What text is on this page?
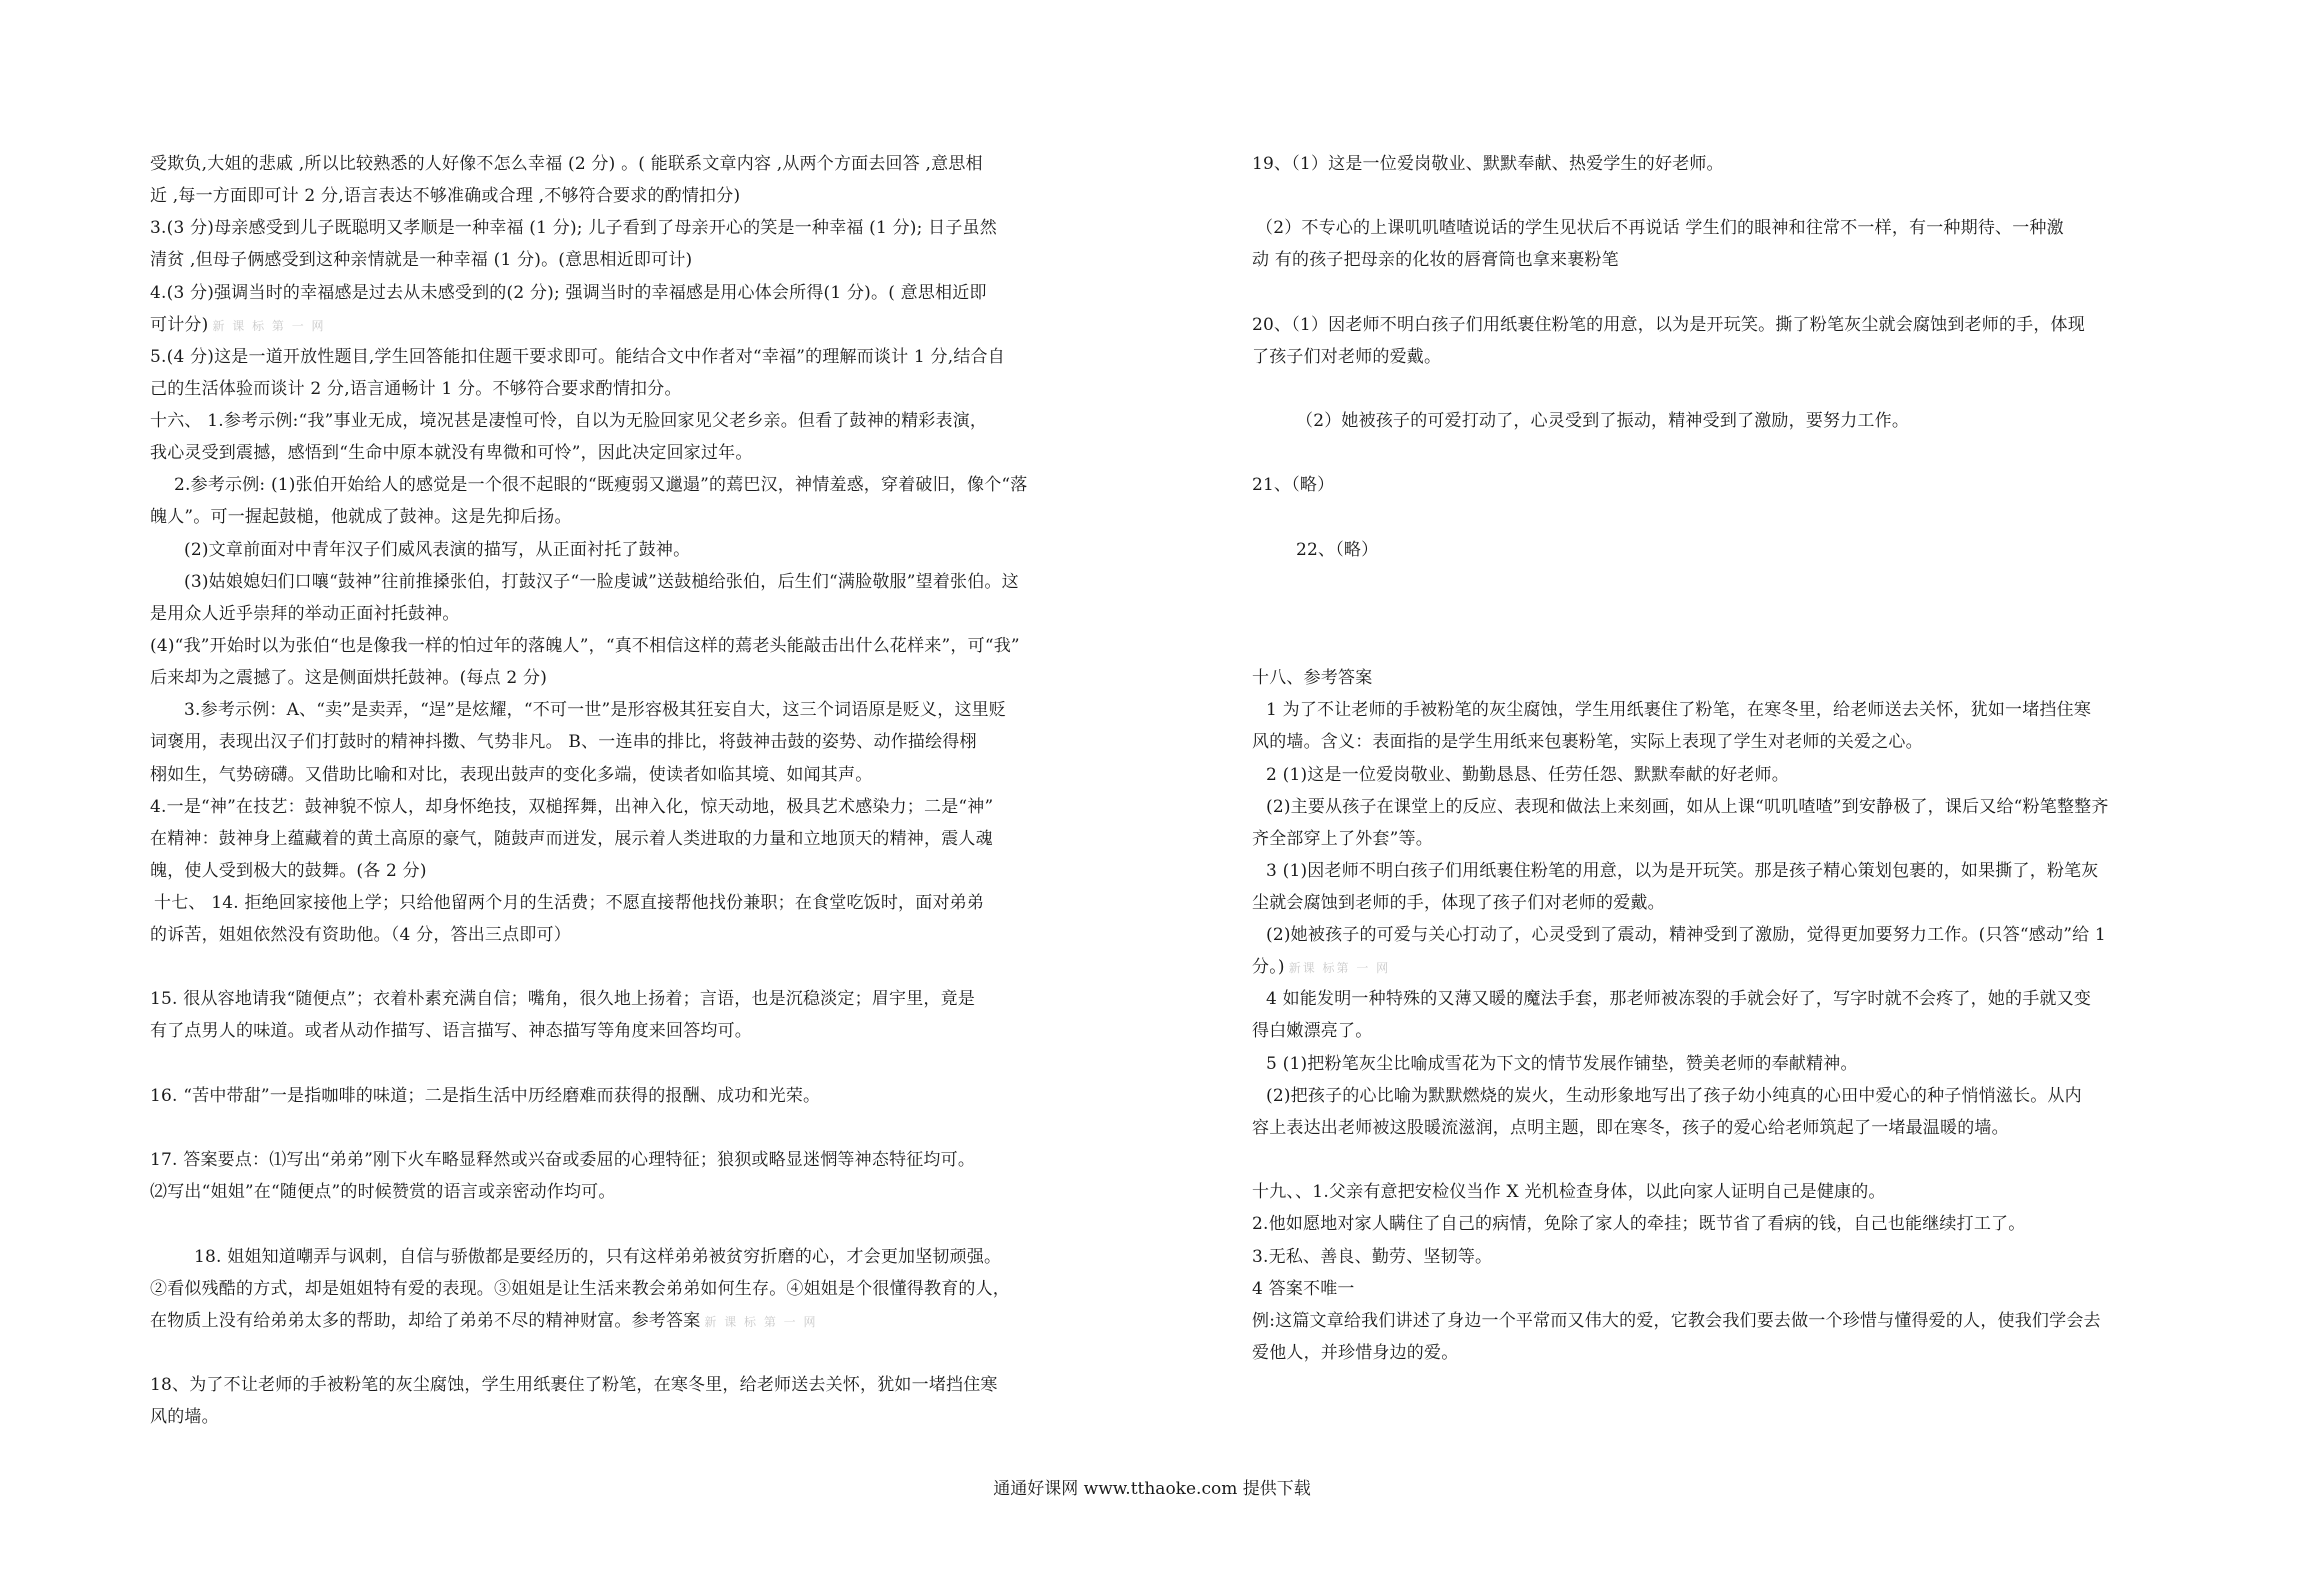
受欺负,大姐的悲戚 ,所以比较熟悉的人好像不怎么幸福 (2 分) 。( 能联系文章内容 ,从两个方面去回答 ,意思相
近 ,每一方面即可计 2 分,语言表达不够准确或合理 ,不够符合要求的酌情扣分)
3.(3 分)母亲感受到儿子既聪明又孝顺是一种幸福 (1 分); 儿子看到了母亲开心的笑是一种幸福 (1 分); 日子虽然
清贫 ,但母子俩感受到这种亲情就是一种幸福 (1 分)。(意思相近即可计)
4.(3 分)强调当时的幸福感是过去从未感受到的(2 分); 强调当时的幸福感是用心体会所得(1 分)。( 意思相近即
可计分) 新 课 标 第 一 网
5.(4 分)这是一道开放性题目,学生回答能扣住题干要求即可。能结合文中作者对“幸福”的理解而谈计 1 分,结合自
己的生活体验而谈计 2 分,语言通畅计 1 分。不够符合要求酌情扣分。
十六、 1.参考示例:“我”事业无成，境况甚是凄惶可怜，自以为无脸回家见父老乡亲。但看了鼓神的精彩表演，
我心灵受到震撼，感悟到“生命中原本就没有卑微和可怜”，因此决定回家过年。
2.参考示例: (1)张伯开始给人的感觉是一个很不起眼的“既瘦弱又邋遢”的蔫巴汉，神情羞惑，穿着破旧，像个“落
魄人”。可一握起鼓槌，他就成了鼓神。这是先抑后扬。
(2)文章前面对中青年汉子们威风表演的描写，从正面衬托了鼓神。
(3)姑娘媳妇们口嚷“鼓神”往前推搡张伯，打鼓汉子“一脸虔诚”送鼓槌给张伯，后生们“满脸敬服”望着张伯。这
是用众人近乎崇拜的举动正面衬托鼓神。
(4)“我”开始时以为张伯“也是像我一样的怕过年的落魄人”，“真不相信这样的蔫老头能敲击出什么花样来”，可“我”
后来却为之震撼了。这是侧面烘托鼓神。(每点 2 分)
3.参考示例：A、“卖”是卖弄，“逞”是炫耀，“不可一世”是形容极其狂妄自大，这三个词语原是贬义，这里贬
词褒用，表现出汉子们打鼓时的精神抖擞、气势非凡。 B、一连串的排比，将鼓神击鼓的姿势、动作描绘得栩
栩如生，气势磅礴。又借助比喻和对比，表现出鼓声的变化多端，使读者如临其境、如闻其声。
4.一是“神”在技艺：鼓神貌不惊人，却身怀绝技，双槌挥舞，出神入化，惊天动地，极具艺术感染力；二是“神”
在精神：鼓神身上蕴藏着的黄土高原的豪气，随鼓声而迸发，展示着人类进取的力量和立地顶天的精神，震人魂
魄，使人受到极大的鼓舞。(各 2 分)
十七、 14. 拒绝回家接他上学；只给他留两个月的生活费；不愿直接帮他找份兼职；在食堂吃饭时，面对弟弟
的诉苦，姐姐依然没有资助他。（4 分，答出三点即可）
15. 很从容地请我“随便点”；衣着朴素充满自信；嘴角，很久地上扬着；言语，也是沉稳淡定；眉宇里，竟是
有了点男人的味道。或者从动作描写、语言描写、神态描写等角度来回答均可。
16. “苦中带甜”一是指咖啡的味道；二是指生活中历经磨难而获得的报酬、成功和光荣。
17. 答案要点：⑴写出“弟弟”刚下火车略显释然或兴奋或委屈的心理特征；狼狈或略显迷惘等神态特征均可。
⑵写出“姐姐”在“随便点”的时候赞赏的语言或亲密动作均可。
18. 姐姐知道嘲弄与讽刺，自信与骄傲都是要经历的，只有这样弟弟被贫穷折磨的心，才会更加坚韧顽强。
②看似残酷的方式，却是姐姐特有爱的表现。③姐姐是让生活来教会弟弟如何生存。④姐姐是个很懂得教育的人，
在物质上没有给弟弟太多的帮助，却给了弟弟不尽的精神财富。参考答案 新 课 标 第 一 网
18、为了不让老师的手被粉笔的灰尘腐蚀，学生用纸裹住了粉笔，在寒冬里，给老师送去关怀，犹如一堵挡住寒
风的墙。
19、（1）这是一位爱岗敬业、默默奉献、热爱学生的好老师。
（2）不专心的上课叽叽喳喳说话的学生见状后不再说话 学生们的眼神和往常不一样，有一种期待、一种激
动 有的孩子把母亲的化妆的唇膏筒也拿来裹粉笔
20、（1）因老师不明白孩子们用纸裹住粉笔的用意，以为是开玩笑。撕了粉笔灰尘就会腐蚀到老师的手，体现
了孩子们对老师的爱戴。
（2）她被孩子的可爱打动了，心灵受到了振动，精神受到了激励，要努力工作。
21、（略）
22、（略）
十八、参考答案
1 为了不让老师的手被粉笔的灰尘腐蚀，学生用纸裹住了粉笔，在寒冬里，给老师送去关怀，犹如一堵挡住寒
风的墙。含义：表面指的是学生用纸来包裹粉笔，实际上表现了学生对老师的关爱之心。
2 (1)这是一位爱岗敬业、勤勤恳恳、任劳任怨、默默奉献的好老师。
(2)主要从孩子在课堂上的反应、表现和做法上来刻画，如从上课“叽叽喳喳”到安静极了，课后又给“粉笔整整齐
齐全部穿上了外套”等。
3 (1)因老师不明白孩子们用纸裹住粉笔的用意，以为是开玩笑。那是孩子精心策划包裹的，如果撕了，粉笔灰
尘就会腐蚀到老师的手，体现了孩子们对老师的爱戴。
(2)她被孩子的可爱与关心打动了，心灵受到了震动，精神受到了激励，觉得更加要努力工作。(只答“感动”给 1
分。) 新课 标第 一 网
4 如能发明一种特殊的又薄又暖的魔法手套，那老师被冻裂的手就会好了，写字时就不会疼了，她的手就又变
得白嫩漂亮了。
5 (1)把粉笔灰尘比喻成雪花为下文的情节发展作铺垫，赞美老师的奉献精神。
(2)把孩子的心比喻为默默燃烧的炭火，生动形象地写出了孩子幼小纯真的心田中爱心的种子悄悄滋长。从内
容上表达出老师被这股暖流滋润，点明主题，即在寒冬，孩子的爱心给老师筑起了一堵最温暖的墙。
十九、、1.父亲有意把安检仪当作 X 光机检查身体，以此向家人证明自己是健康的。
2.他如愿地对家人瞒住了自己的病情，免除了家人的牵挂；既节省了看病的钱，自己也能继续打工了。
3.无私、善良、勤劳、坚韧等。
4 答案不唯一
例:这篇文章给我们讲述了身边一个平常而又伟大的爱，它教会我们要去做一个珍惜与懂得爱的人，使我们学会去
爱他人，并珍惜身边的爱。
通通好课网 www.tthaoke.com 提供下载
